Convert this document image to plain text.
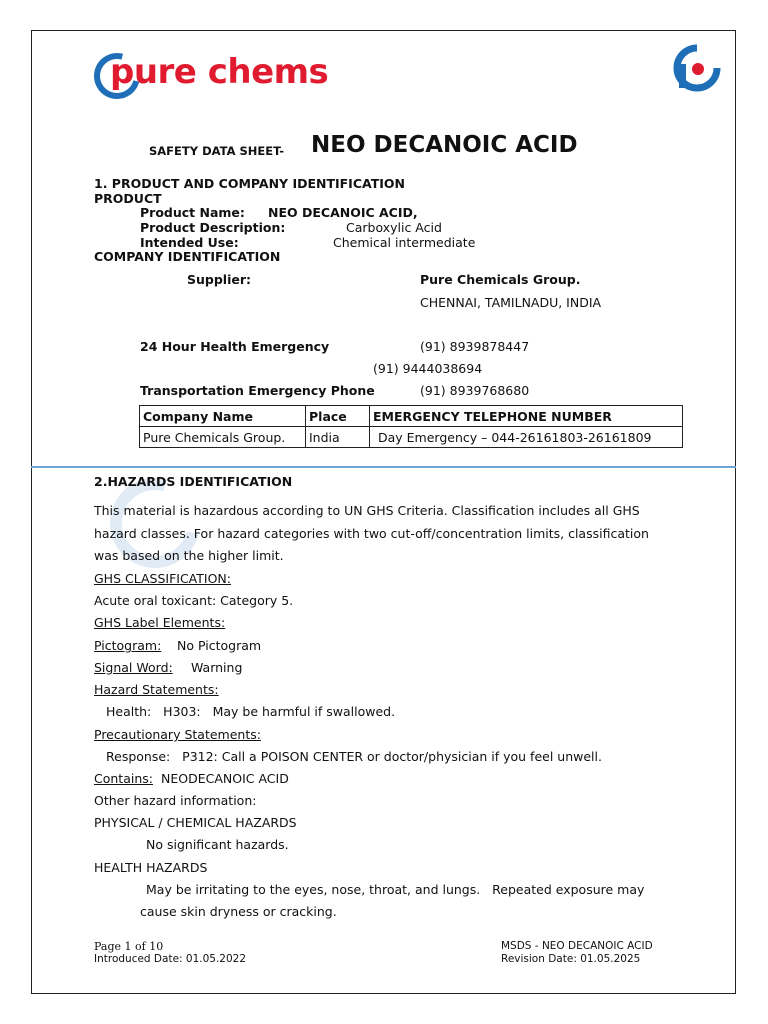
pure chems
SAFETY DATA SHEET- NEO DECANOIC ACID
1. PRODUCT AND COMPANY IDENTIFICATION
PRODUCT
Product Name: NEO DECANOIC ACID,
Product Description:	Carboxylic Acid
Intended Use:	Chemical intermediate
COMPANY IDENTIFICATION
Supplier:	Pure Chemicals Group.
CHENNAI, TAMILNADU, INDIA
24 Hour Health Emergency	(91) 8939878447
(91) 9444038694
Transportation Emergency Phone	(91) 8939768680
Company Name	Place	EMERGENCY TELEPHONE NUMBER
Pure Chemicals Group.	India	Day Emergency – 044-26161803-26161809
2.HAZARDS IDENTIFICATION
This material is hazardous according to UN GHS Criteria. Classification includes all GHS
hazard classes. For hazard categories with two cut-off/concentration limits, classification
was based on the higher limit.
GHS CLASSIFICATION:
Acute oral toxicant: Category 5.
GHS Label Elements:
Pictogram: No Pictogram
Signal Word: Warning
Hazard Statements:
Health:   H303:   May be harmful if swallowed.
Precautionary Statements:
Response:   P312: Call a POISON CENTER or doctor/physician if you feel unwell.
Contains: NEODECANOIC ACID
Other hazard information:
PHYSICAL / CHEMICAL HAZARDS
No significant hazards.
HEALTH HAZARDS
May be irritating to the eyes, nose, throat, and lungs.   Repeated exposure may
cause skin dryness or cracking.
Page 1 of 10
Introduced Date: 01.05.2022
MSDS - NEO DECANOIC ACID
Revision Date: 01.05.2025
